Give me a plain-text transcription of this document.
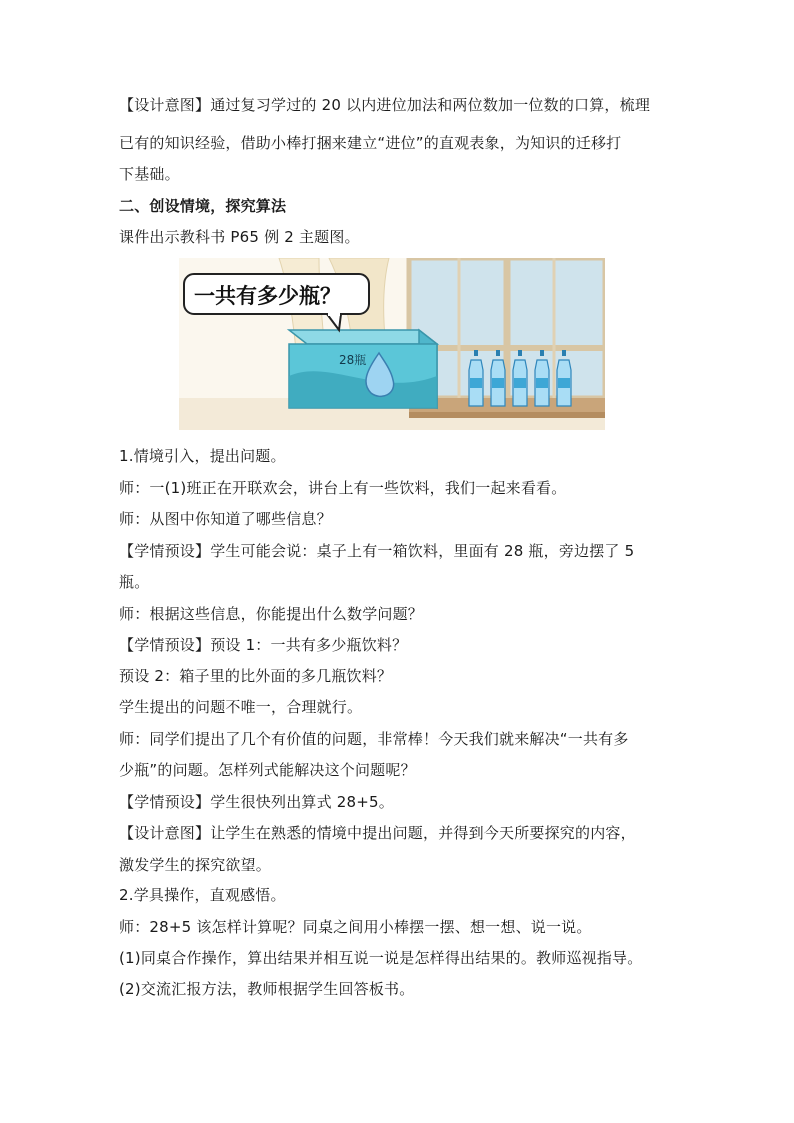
【设计意图】通过复习学过的 20 以内进位加法和两位数加一位数的口算，梳理
已有的知识经验，借助小棒打捆来建立“进位”的直观表象，为知识的迁移打
下基础。
二、创设情境，探究算法
课件出示教科书 P65 例 2 主题图。
28瓶
一共有多少瓶？
1.情境引入，提出问题。
师：一(1)班正在开联欢会，讲台上有一些饮料，我们一起来看看。
师：从图中你知道了哪些信息？
【学情预设】学生可能会说：桌子上有一箱饮料，里面有 28 瓶，旁边摆了 5
瓶。
师：根据这些信息，你能提出什么数学问题？
【学情预设】预设 1：一共有多少瓶饮料？
预设 2：箱子里的比外面的多几瓶饮料？
学生提出的问题不唯一，合理就行。
师：同学们提出了几个有价值的问题，非常棒！今天我们就来解决“一共有多
少瓶”的问题。怎样列式能解决这个问题呢？
【学情预设】学生很快列出算式 28+5。
【设计意图】让学生在熟悉的情境中提出问题，并得到今天所要探究的内容，
激发学生的探究欲望。
2.学具操作，直观感悟。
师：28+5 该怎样计算呢？同桌之间用小棒摆一摆、想一想、说一说。
(1)同桌合作操作，算出结果并相互说一说是怎样得出结果的。教师巡视指导。
(2)交流汇报方法，教师根据学生回答板书。
